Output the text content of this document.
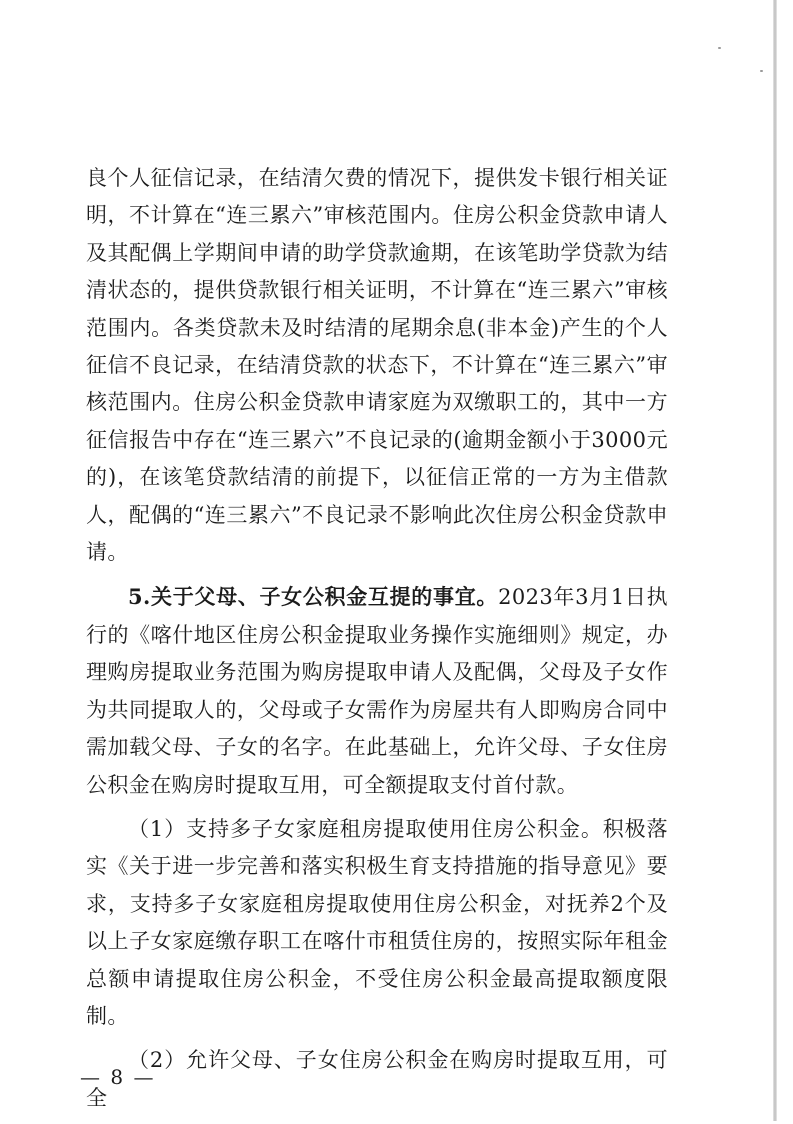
良个人征信记录，在结清欠费的情况下，提供发卡银行相关证明，不计算在“连三累六”审核范围内。住房公积金贷款申请人及其配偶上学期间申请的助学贷款逾期，在该笔助学贷款为结清状态的，提供贷款银行相关证明，不计算在“连三累六”审核范围内。各类贷款未及时结清的尾期余息(非本金)产生的个人征信不良记录，在结清贷款的状态下，不计算在“连三累六”审核范围内。住房公积金贷款申请家庭为双缴职工的，其中一方征信报告中存在“连三累六”不良记录的(逾期金额小于3000元的)，在该笔贷款结清的前提下，以征信正常的一方为主借款人，配偶的“连三累六”不良记录不影响此次住房公积金贷款申请。

5.关于父母、子女公积金互提的事宜。2023年3月1日执行的《喀什地区住房公积金提取业务操作实施细则》规定，办理购房提取业务范围为购房提取申请人及配偶，父母及子女作为共同提取人的，父母或子女需作为房屋共有人即购房合同中需加载父母、子女的名字。在此基础上，允许父母、子女住房公积金在购房时提取互用，可全额提取支付首付款。

（1）支持多子女家庭租房提取使用住房公积金。积极落实《关于进一步完善和落实积极生育支持措施的指导意见》要求，支持多子女家庭租房提取使用住房公积金，对抚养2个及以上子女家庭缴存职工在喀什市租赁住房的，按照实际年租金总额申请提取住房公积金，不受住房公积金最高提取额度限制。

（2）允许父母、子女住房公积金在购房时提取互用，可全

— 8 —
